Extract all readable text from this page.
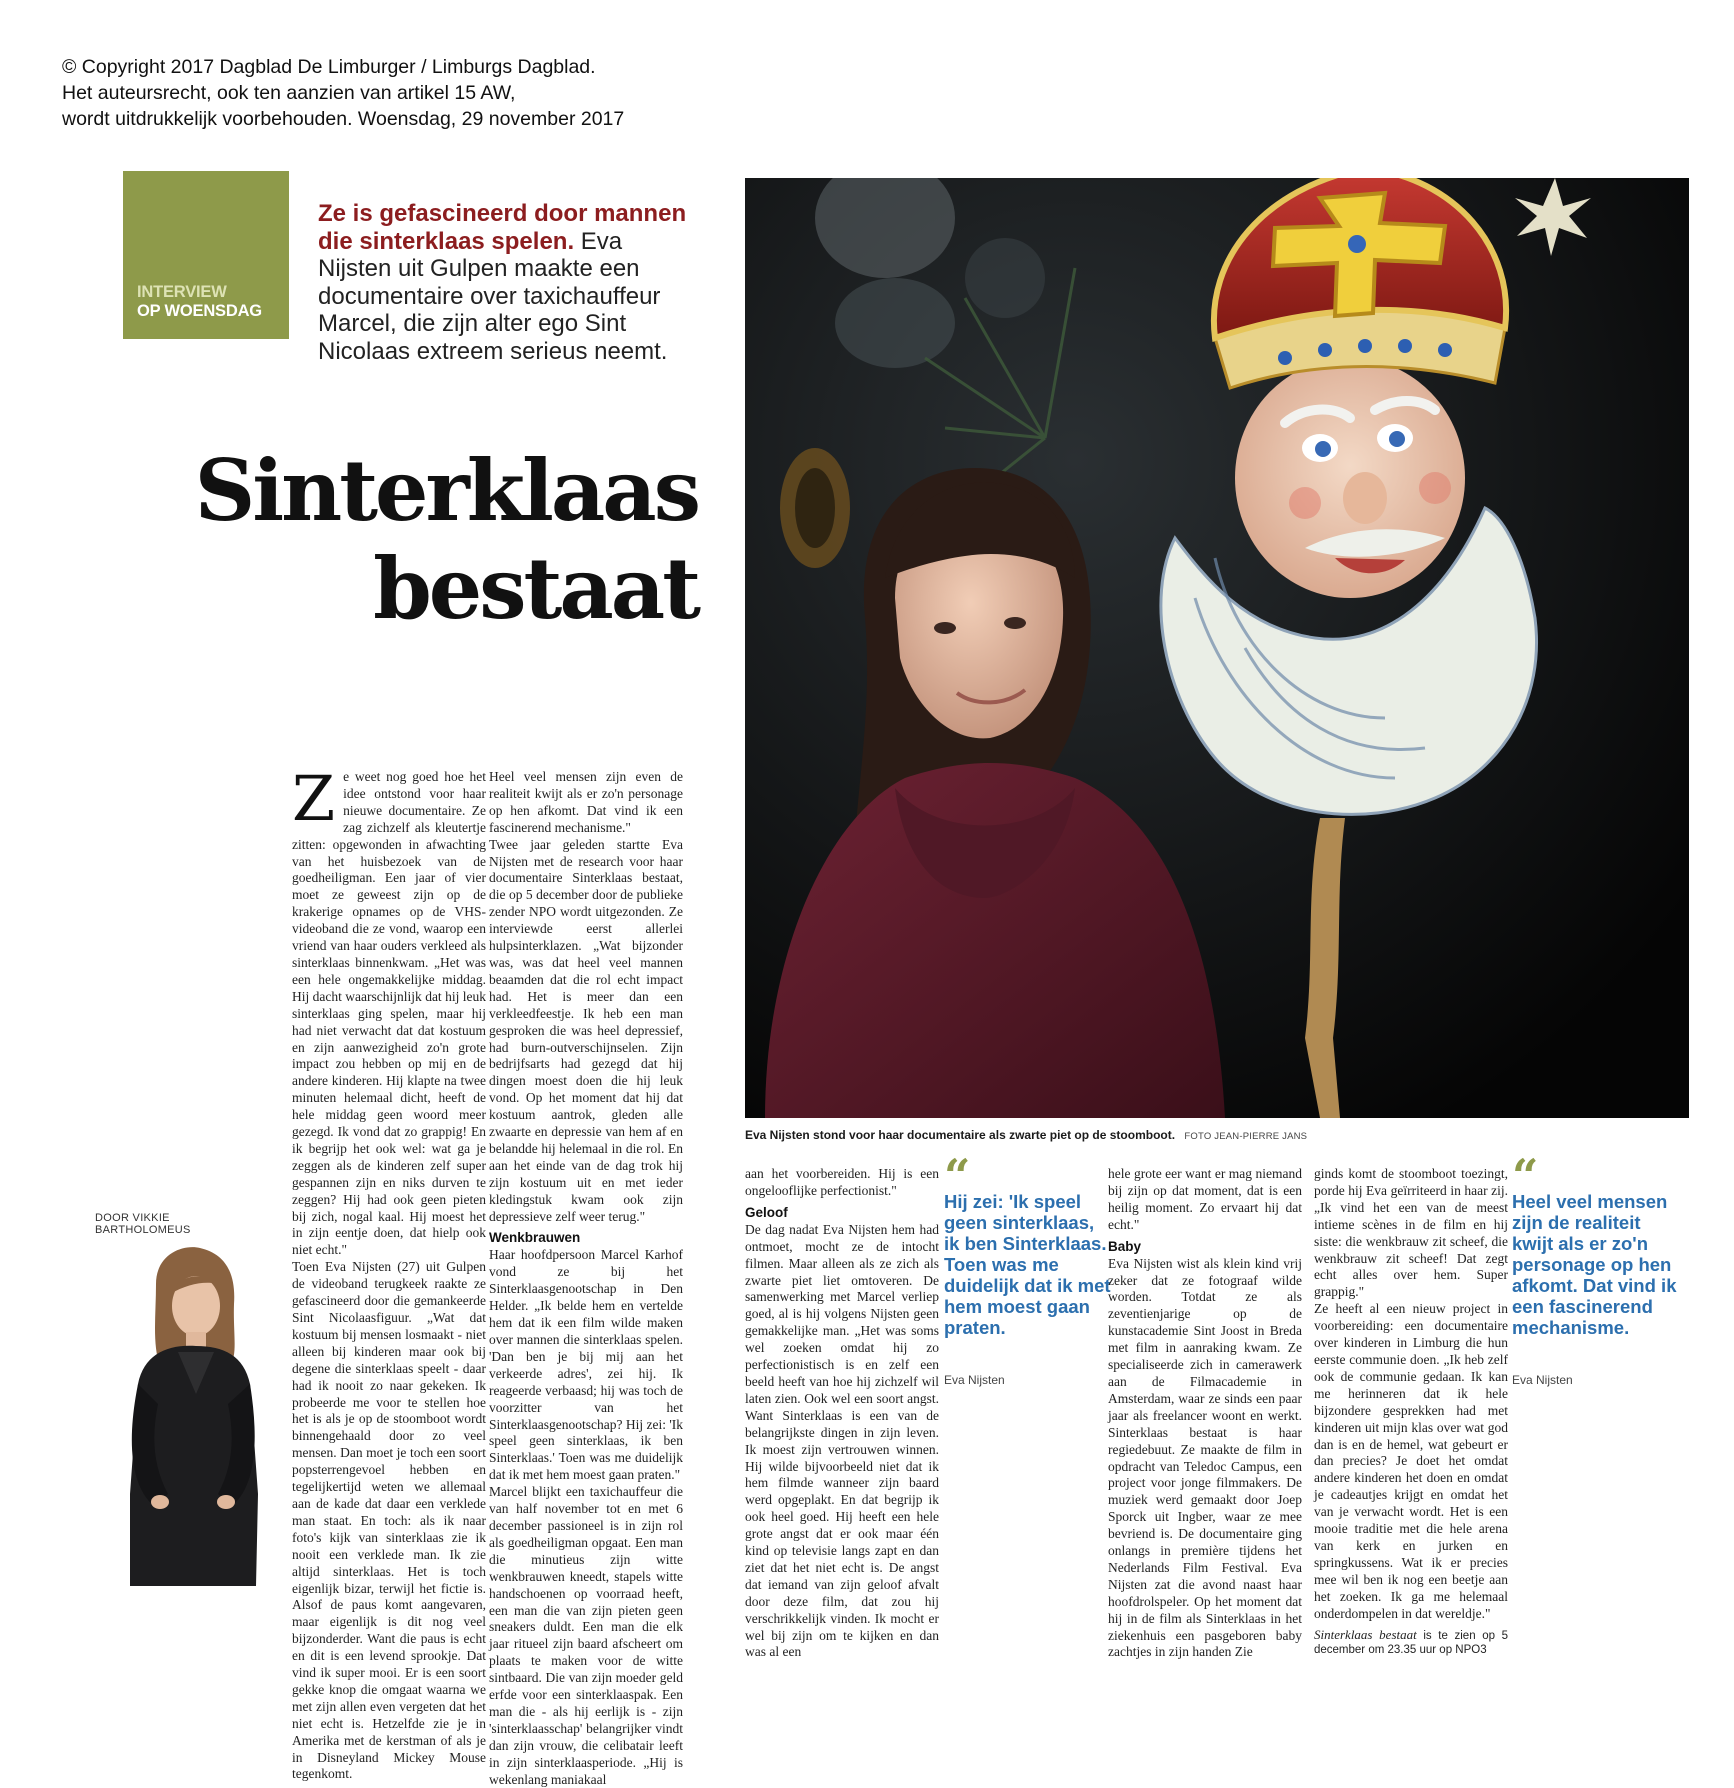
© Copyright 2017 Dagblad De Limburger / Limburgs Dagblad.
Het auteursrecht, ook ten aanzien van artikel 15 AW,
wordt uitdrukkelijk voorbehouden. Woensdag, 29 november 2017
INTERVIEW
OP WOENSDAG
Ze is gefascineerd door mannen die sinterklaas spelen. Eva Nijsten uit Gulpen maakte een documentaire over taxichauffeur Marcel, die zijn alter ego Sint Nicolaas extreem serieus neemt.
Sinterklaas
bestaat
Eva Nijsten stond voor haar documentaire als zwarte piet op de stoomboot. FOTO JEAN-PIERRE JANS
DOOR VIKKIE BARTHOLOMEUS

Ze weet nog goed hoe het idee ontstond voor haar nieuwe documentaire. Ze zag zichzelf als kleutertje zitten: opgewonden in afwachting van het huisbezoek van de goedheiligman. Een jaar of vier moet ze geweest zijn op de krakerige opnames op de VHS-videoband die ze vond, waarop een vriend van haar ouders verkleed als sinterklaas binnenkwam. „Het was een hele ongemakkelijke middag. Hij dacht waarschijnlijk dat hij leuk sinterklaas ging spelen, maar hij had niet verwacht dat dat kostuum en zijn aanwezigheid zo'n grote impact zou hebben op mij en de andere kinderen. Hij klapte na twee minuten helemaal dicht, heeft de hele middag geen woord meer gezegd. Ik vond dat zo grappig! En ik begrijp het ook wel: wat ga je zeggen als de kinderen zelf super gespannen zijn en niks durven te zeggen? Hij had ook geen pieten bij zich, nogal kaal. Hij moest het in zijn eentje doen, dat hielp ook niet echt."

Toen Eva Nijsten (27) uit Gulpen de videoband terugkeek raakte ze gefascineerd door die gemankeerde Sint Nicolaasfiguur. „Wat dat kostuum bij mensen losmaakt - niet alleen bij kinderen maar ook bij degene die sinterklaas speelt - daar had ik nooit zo naar gekeken. Ik probeerde me voor te stellen hoe het is als je op de stoomboot wordt binnengehaald door zo veel mensen. Dan moet je toch een soort popsterrengevoel hebben en tegelijkertijd weten we allemaal aan de kade dat daar een verklede man staat. En toch: als ik naar foto's kijk van sinterklaas zie ik nooit een verklede man. Ik zie altijd sinterklaas. Het is toch eigenlijk bizar, terwijl het fictie is. Alsof de paus komt aangevaren, maar eigenlijk is dit nog veel bijzonderder. Want die paus is echt en dit is een levend sprookje. Dat vind ik super mooi. Er is een soort gekke knop die omgaat waarna we met zijn allen even vergeten dat het niet echt is. Hetzelfde zie je in Amerika met de kerstman of als je in Disneyland Mickey Mouse tegenkomt.

Heel veel mensen zijn even de realiteit kwijt als er zo'n personage op hen afkomt. Dat vind ik een fascinerend mechanisme."

Twee jaar geleden startte Eva Nijsten met de research voor haar documentaire Sinterklaas bestaat, die op 5 december door de publieke zender NPO wordt uitgezonden. Ze interviewde eerst allerlei hulpsinterklazen. „Wat bijzonder was, was dat heel veel mannen beaamden dat die rol echt impact had. Het is meer dan een verkleedfeestje. Ik heb een man gesproken die was heel depressief, had burn-outverschijnselen. Zijn bedrijfsarts had gezegd dat hij dingen moest doen die hij leuk vond. Op het moment dat hij dat kostuum aantrok, gleden alle zwaarte en depressie van hem af en belandde hij helemaal in die rol. En aan het einde van de dag trok hij zijn kostuum uit en met ieder kledingstuk kwam ook zijn depressieve zelf weer terug."

Wenkbrauwen

Haar hoofdpersoon Marcel Karhof vond ze bij het Sinterklaasgenootschap in Den Helder. „Ik belde hem en vertelde hem dat ik een film wilde maken over mannen die sinterklaas spelen. 'Dan ben je bij mij aan het verkeerde adres', zei hij. Ik reageerde verbaasd; hij was toch de voorzitter van het Sinterklaasgenootschap? Hij zei: 'Ik speel geen sinterklaas, ik ben Sinterklaas.' Toen was me duidelijk dat ik met hem moest gaan praten."

Marcel blijkt een taxichauffeur die van half november tot en met 6 december passioneel is in zijn rol als goedheiligman opgaat. Een man die minutieus zijn witte wenkbrauwen kneedt, stapels witte handschoenen op voorraad heeft, een man die van zijn pieten geen sneakers duldt. Een man die elk jaar ritueel zijn baard afscheert om plaats te maken voor de witte sintbaard. Die van zijn moeder geld erfde voor een sinterklaaspak. Een man die - als hij eerlijk is - zijn 'sinterklaasschap' belangrijker vindt dan zijn vrouw, die celibatair leeft in zijn sinterklaasperiode. „Hij is wekenlang maniakaal

aan het voorbereiden. Hij is een ongelooflijke perfectionist."

Geloof

De dag nadat Eva Nijsten hem had ontmoet, mocht ze de intocht filmen. Maar alleen als ze zich als zwarte piet liet omtoveren. De samenwerking met Marcel verliep goed, al is hij volgens Nijsten geen gemakkelijke man. „Het was soms wel zoeken omdat hij zo perfectionistisch is en zelf een beeld heeft van hoe hij zichzelf wil laten zien. Ook wel een soort angst. Want Sinterklaas is een van de belangrijkste dingen in zijn leven. Ik moest zijn vertrouwen winnen. Hij wilde bijvoorbeeld niet dat ik hem filmde wanneer zijn baard werd opgeplakt. En dat begrijp ik ook heel goed. Hij heeft een hele grote angst dat er ook maar één kind op televisie langs zapt en dan ziet dat het niet echt is. De angst dat iemand van zijn geloof afvalt door deze film, dat zou hij verschrikkelijk vinden. Ik mocht er wel bij zijn om te kijken en dan was al een

“
Hij zei: 'Ik speel geen sinterklaas, ik ben Sinterklaas. Toen was me duidelijk dat ik met hem moest gaan praten.
Eva Nijsten

hele grote eer want er mag niemand bij zijn op dat moment, dat is een heilig moment. Zo ervaart hij dat echt."

Baby

Eva Nijsten wist als klein kind vrij zeker dat ze fotograaf wilde worden. Totdat ze als zeventienjarige op de kunstacademie Sint Joost in Breda met film in aanraking kwam. Ze specialiseerde zich in camerawerk aan de Filmacademie in Amsterdam, waar ze sinds een paar jaar als freelancer woont en werkt. Sinterklaas bestaat is haar regiedebuut. Ze maakte de film in opdracht van Teledoc Campus, een project voor jonge filmmakers. De muziek werd gemaakt door Joep Sporck uit Ingber, waar ze mee bevriend is. De documentaire ging onlangs in première tijdens het Nederlands Film Festival. Eva Nijsten zat die avond naast haar hoofdrolspeler. Op het moment dat hij in de film als Sinterklaas in het ziekenhuis een pasgeboren baby zachtjes in zijn handen Zie

ginds komt de stoomboot toezingt, porde hij Eva geïrriteerd in haar zij. „Ik vind het een van de meest intieme scènes in de film en hij siste: die wenkbrauw zit scheef, die wenkbrauw zit scheef! Dat zegt echt alles over hem. Super grappig."

Ze heeft al een nieuw project in voorbereiding: een documentaire over kinderen in Limburg die hun eerste communie doen. „Ik heb zelf ook de communie gedaan. Ik kan me herinneren dat ik hele bijzondere gesprekken had met kinderen uit mijn klas over wat god dan is en de hemel, wat gebeurt er dan precies? Je doet het omdat andere kinderen het doen en omdat je cadeautjes krijgt en omdat het van je verwacht wordt. Het is een mooie traditie met die hele arena van kerk en jurken en springkussens. Wat ik er precies mee wil ben ik nog een beetje aan het zoeken. Ik ga me helemaal onderdompelen in dat wereldje."

Sinterklaas bestaat is te zien op 5 december om 23.35 uur op NPO3

“
Heel veel mensen zijn de realiteit kwijt als er zo'n personage op hen afkomt. Dat vind ik een fascinerend mechanisme.
Eva Nijsten
